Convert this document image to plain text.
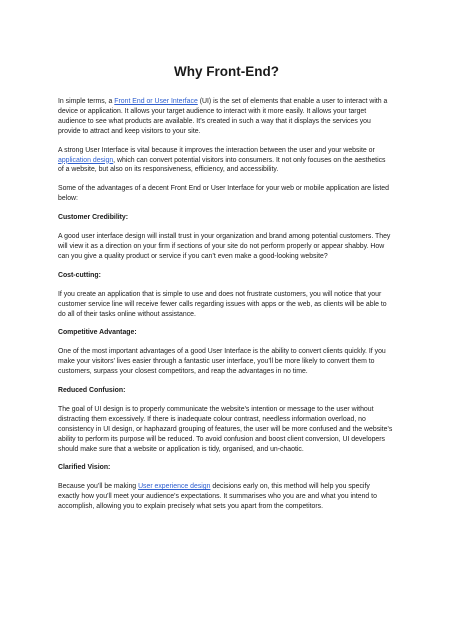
Why Front-End?

In simple terms, a Front End or User Interface (UI) is the set of elements that enable a user to interact with a device or application. It allows your target audience to interact with it more easily. It allows your target audience to see what products are available. It’s created in such a way that it displays the services you provide to attract and keep visitors to your site.

A strong User Interface is vital because it improves the interaction between the user and your website or application design, which can convert potential visitors into consumers. It not only focuses on the aesthetics of a website, but also on its responsiveness, efficiency, and accessibility.

Some of the advantages of a decent Front End or User Interface for your web or mobile application are listed below:

Customer Credibility:

A good user interface design will install trust in your organization and brand among potential customers. They will view it as a direction on your firm if sections of your site do not perform properly or appear shabby. How can you give a quality product or service if you can’t even make a good-looking website?

Cost-cutting:

If you create an application that is simple to use and does not frustrate customers, you will notice that your customer service line will receive fewer calls regarding issues with apps or the web, as clients will be able to do all of their tasks online without assistance.

Competitive Advantage:

One of the most important advantages of a good User Interface is the ability to convert clients quickly. If you make your visitors’ lives easier through a fantastic user interface, you’ll be more likely to convert them to customers, surpass your closest competitors, and reap the advantages in no time.

Reduced Confusion:

The goal of UI design is to properly communicate the website’s intention or message to the user without distracting them excessively. If there is inadequate colour contrast, needless information overload, no consistency in UI design, or haphazard grouping of features, the user will be more confused and the website’s ability to perform its purpose will be reduced. To avoid confusion and boost client conversion, UI developers should make sure that a website or application is tidy, organised, and un-chaotic.

Clarified Vision:

Because you’ll be making User experience design decisions early on, this method will help you specify exactly how you’ll meet your audience’s expectations. It summarises who you are and what you intend to accomplish, allowing you to explain precisely what sets you apart from the competitors.
